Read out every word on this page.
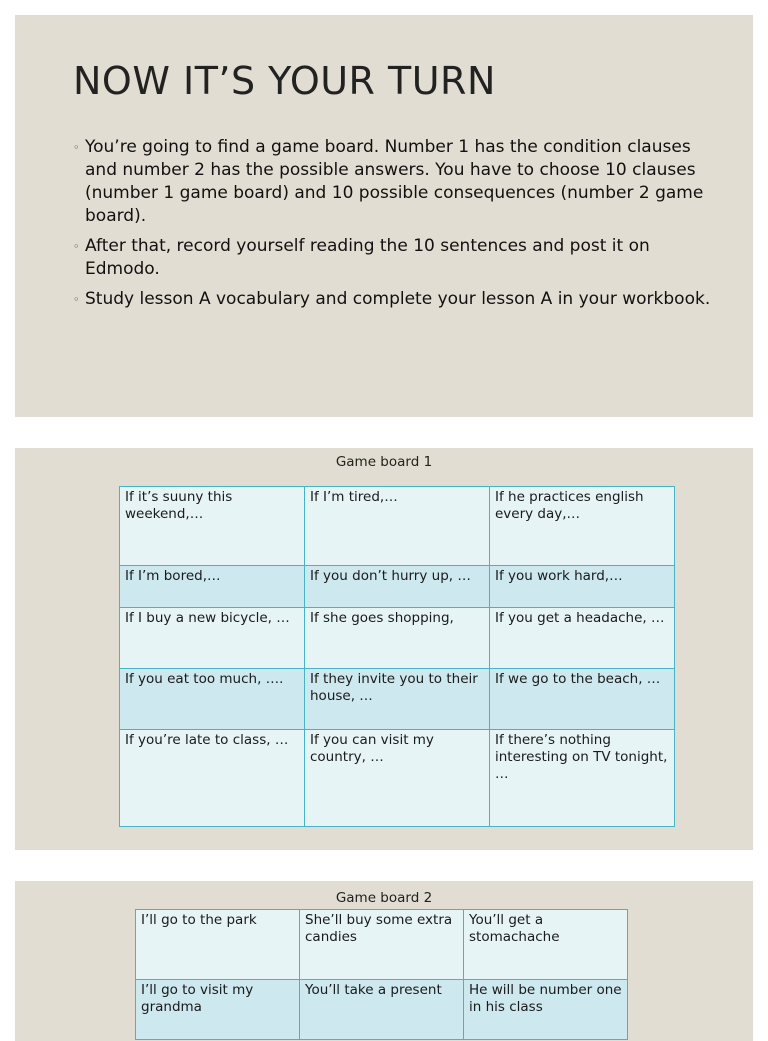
NOW IT’S YOUR TURN
◦ You’re going to find a game board. Number 1 has the condition clauses and number 2 has the possible answers. You have to choose 10 clauses (number 1 game board) and 10 possible consequences (number 2 game board).
◦ After that, record yourself reading the 10 sentences and post it on Edmodo.
◦ Study lesson A vocabulary and complete your lesson A in your workbook.
Game board 1
If it’s suuny this weekend,…	If I’m tired,…	If he practices english every day,…
If I’m bored,…	If you don’t hurry up, …	If you work hard,…
If I buy a new bicycle, …	If she goes shopping,	If you get a headache, …
If you eat too much, ….	If they invite you to their house, …	If we go to the beach, …
If you’re late to class, …	If you can visit my country, …	If there’s nothing interesting on TV tonight, …
Game board 2
I’ll go to the park	She’ll buy some extra candies	You’ll get a stomachache
I’ll go to visit my grandma	You’ll take a present	He will be number one in his class
